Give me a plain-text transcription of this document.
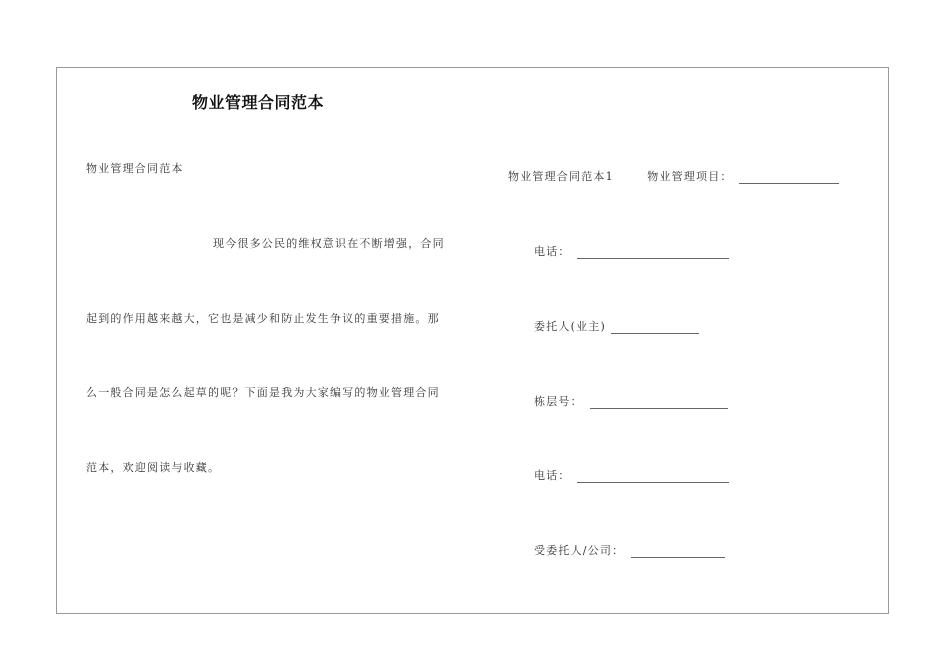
物业管理合同范本
物业管理合同范本
现今很多公民的维权意识在不断增强，合同
起到的作用越来越大，它也是减少和防止发生争议的重要措施。那
么一般合同是怎么起草的呢？下面是我为大家编写的物业管理合同
范本，欢迎阅读与收藏。
物业管理合同范本1	物业管理项目：
电话：
委托人(业主)
栋层号：
电话：
受委托人/公司：
